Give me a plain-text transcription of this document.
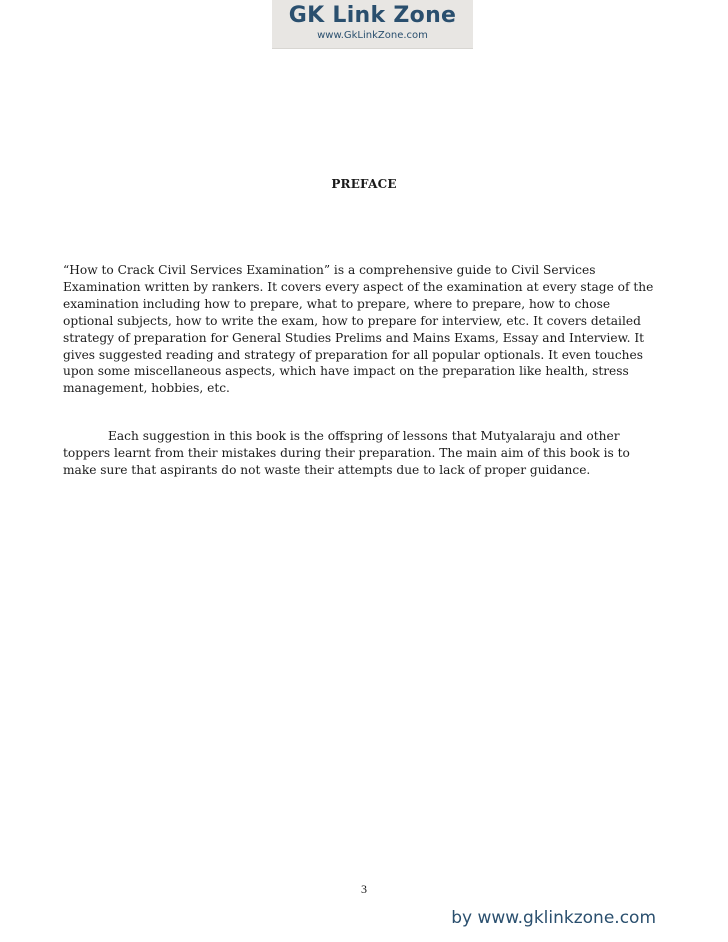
GK Link Zone
www.GkLinkZone.com
PREFACE

“How to Crack Civil Services Examination” is a comprehensive guide to Civil Services Examination written by rankers. It covers every aspect of the examination at every stage of the examination including how to prepare, what to prepare, where to prepare, how to chose optional subjects, how to write the exam, how to prepare for interview, etc. It covers detailed strategy of preparation for General Studies Prelims and Mains Exams, Essay and Interview. It gives suggested reading and strategy of preparation for all popular optionals. It even touches upon some miscellaneous aspects, which have impact on the preparation like health, stress management, hobbies, etc.

Each suggestion in this book is the offspring of lessons that Mutyalaraju and other toppers learnt from their mistakes during their preparation. The main aim of this book is to make sure that aspirants do not waste their attempts due to lack of proper guidance.

3
by www.gklinkzone.com
